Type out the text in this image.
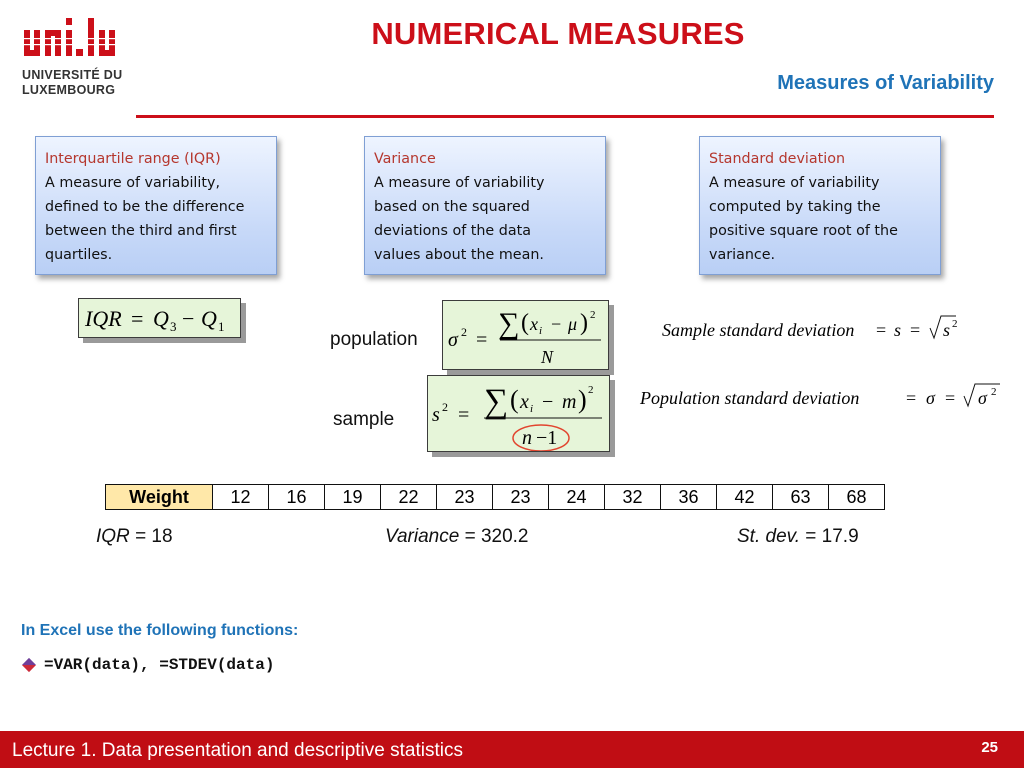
UNIVERSITÉ DU
LUXEMBOURG
NUMERICAL MEASURES
Measures of Variability
Interquartile range (IQR)
A measure of variability, defined to be the difference between the third and first quartiles.
Variance
A measure of variability based on the squared deviations of the data values about the mean.
Standard deviation
A measure of variability computed by taking the positive square root of the variance.
IQR = Q 3 − Q 1
population σ 2 = ∑ ( x i − μ ) 2
N
sample s 2 = ∑ ( x i − m ) 2
n −1
Sample standard deviation = s = s 2
Population standard deviation	= σ = σ 2
Weight	12	16	19	22	23	23	24	32	36	42	63	68
IQR = 18	Variance = 320.2	St. dev. = 17.9
In Excel use the following functions:
=VAR(data), =STDEV(data)
Lecture 1. Data presentation and descriptive statistics	25
